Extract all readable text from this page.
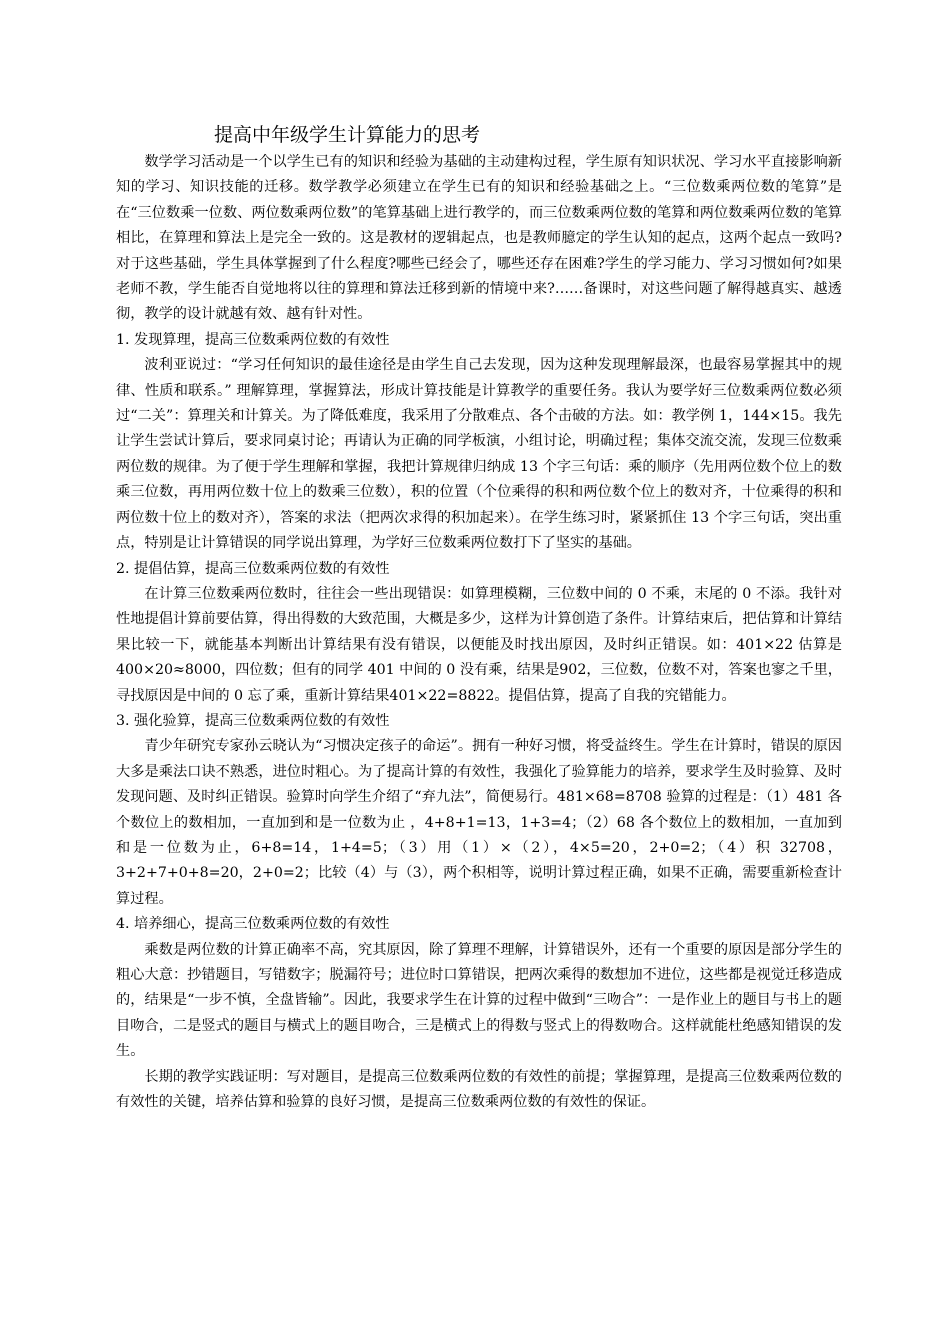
提高中年级学生计算能力的思考

数学学习活动是一个以学生已有的知识和经验为基础的主动建构过程，学生原有知识状况、学习水平直接影响新知的学习、知识技能的迁移。数学教学必须建立在学生已有的知识和经验基础之上。“三位数乘两位数的笔算”是在“三位数乘一位数、两位数乘两位数”的笔算基础上进行教学的，而三位数乘两位数的笔算和两位数乘两位数的笔算相比，在算理和算法上是完全一致的。这是教材的逻辑起点，也是教师臆定的学生认知的起点，这两个起点一致吗?对于这些基础，学生具体掌握到了什么程度?哪些已经会了，哪些还存在困难?学生的学习能力、学习习惯如何?如果老师不教，学生能否自觉地将以往的算理和算法迁移到新的情境中来?……备课时，对这些问题了解得越真实、越透彻，教学的设计就越有效、越有针对性。

1. 发现算理，提高三位数乘两位数的有效性

波利亚说过：“学习任何知识的最佳途径是由学生自己去发现，因为这种发现理解最深，也最容易掌握其中的规律、性质和联系。” 理解算理，掌握算法，形成计算技能是计算教学的重要任务。我认为要学好三位数乘两位数必须过“二关”：算理关和计算关。为了降低难度，我采用了分散难点、各个击破的方法。如：教学例 1，144×15。我先让学生尝试计算后，要求同桌讨论；再请认为正确的同学板演，小组讨论，明确过程；集体交流交流，发现三位数乘两位数的规律。为了便于学生理解和掌握，我把计算规律归纳成 13 个字三句话：乘的顺序（先用两位数个位上的数乘三位数，再用两位数十位上的数乘三位数），积的位置（个位乘得的积和两位数个位上的数对齐，十位乘得的积和两位数十位上的数对齐），答案的求法（把两次求得的积加起来）。在学生练习时，紧紧抓住 13 个字三句话，突出重点，特别是让计算错误的同学说出算理，为学好三位数乘两位数打下了坚实的基础。

2. 提倡估算，提高三位数乘两位数的有效性

在计算三位数乘两位数时，往往会一些出现错误：如算理模糊，三位数中间的 0 不乘，末尾的 0 不添。我针对性地提倡计算前要估算，得出得数的大致范围，大概是多少，这样为计算创造了条件。计算结束后，把估算和计算结果比较一下，就能基本判断出计算结果有没有错误，以便能及时找出原因，及时纠正错误。如：401×22 估算是 400×20≈8000，四位数；但有的同学 401 中间的 0 没有乘，结果是902，三位数，位数不对，答案也寥之千里，寻找原因是中间的 0 忘了乘，重新计算结果401×22=8822。提倡估算，提高了自我的究错能力。

3. 强化验算，提高三位数乘两位数的有效性

青少年研究专家孙云晓认为“习惯决定孩子的命运”。拥有一种好习惯，将受益终生。学生在计算时，错误的原因大多是乘法口诀不熟悉，进位时粗心。为了提高计算的有效性，我强化了验算能力的培养，要求学生及时验算、及时发现问题、及时纠正错误。验算时向学生介绍了“弃九法”，简便易行。481×68=8708 验算的过程是：（1）481 各个数位上的数相加，一直加到和是一位数为止 ，4+8+1=13，1+3=4；（2）68 各个数位上的数相加，一直加到和是一位数为止，6+8=14，1+4=5；（3）用（1）×（2），4×5=20，2+0=2；（4）积 32708，3+2+7+0+8=20，2+0=2；比较（4）与（3），两个积相等，说明计算过程正确，如果不正确，需要重新检查计算过程。

4. 培养细心，提高三位数乘两位数的有效性

乘数是两位数的计算正确率不高，究其原因，除了算理不理解，计算错误外，还有一个重要的原因是部分学生的粗心大意：抄错题目，写错数字；脱漏符号；进位时口算错误，把两次乘得的数想加不进位，这些都是视觉迁移造成的，结果是“一步不慎，全盘皆输”。因此，我要求学生在计算的过程中做到“三吻合”：一是作业上的题目与书上的题目吻合，二是竖式的题目与横式上的题目吻合，三是横式上的得数与竖式上的得数吻合。这样就能杜绝感知错误的发生。

长期的教学实践证明：写对题目，是提高三位数乘两位数的有效性的前提；掌握算理，是提高三位数乘两位数的有效性的关键，培养估算和验算的良好习惯，是提高三位数乘两位数的有效性的保证。
